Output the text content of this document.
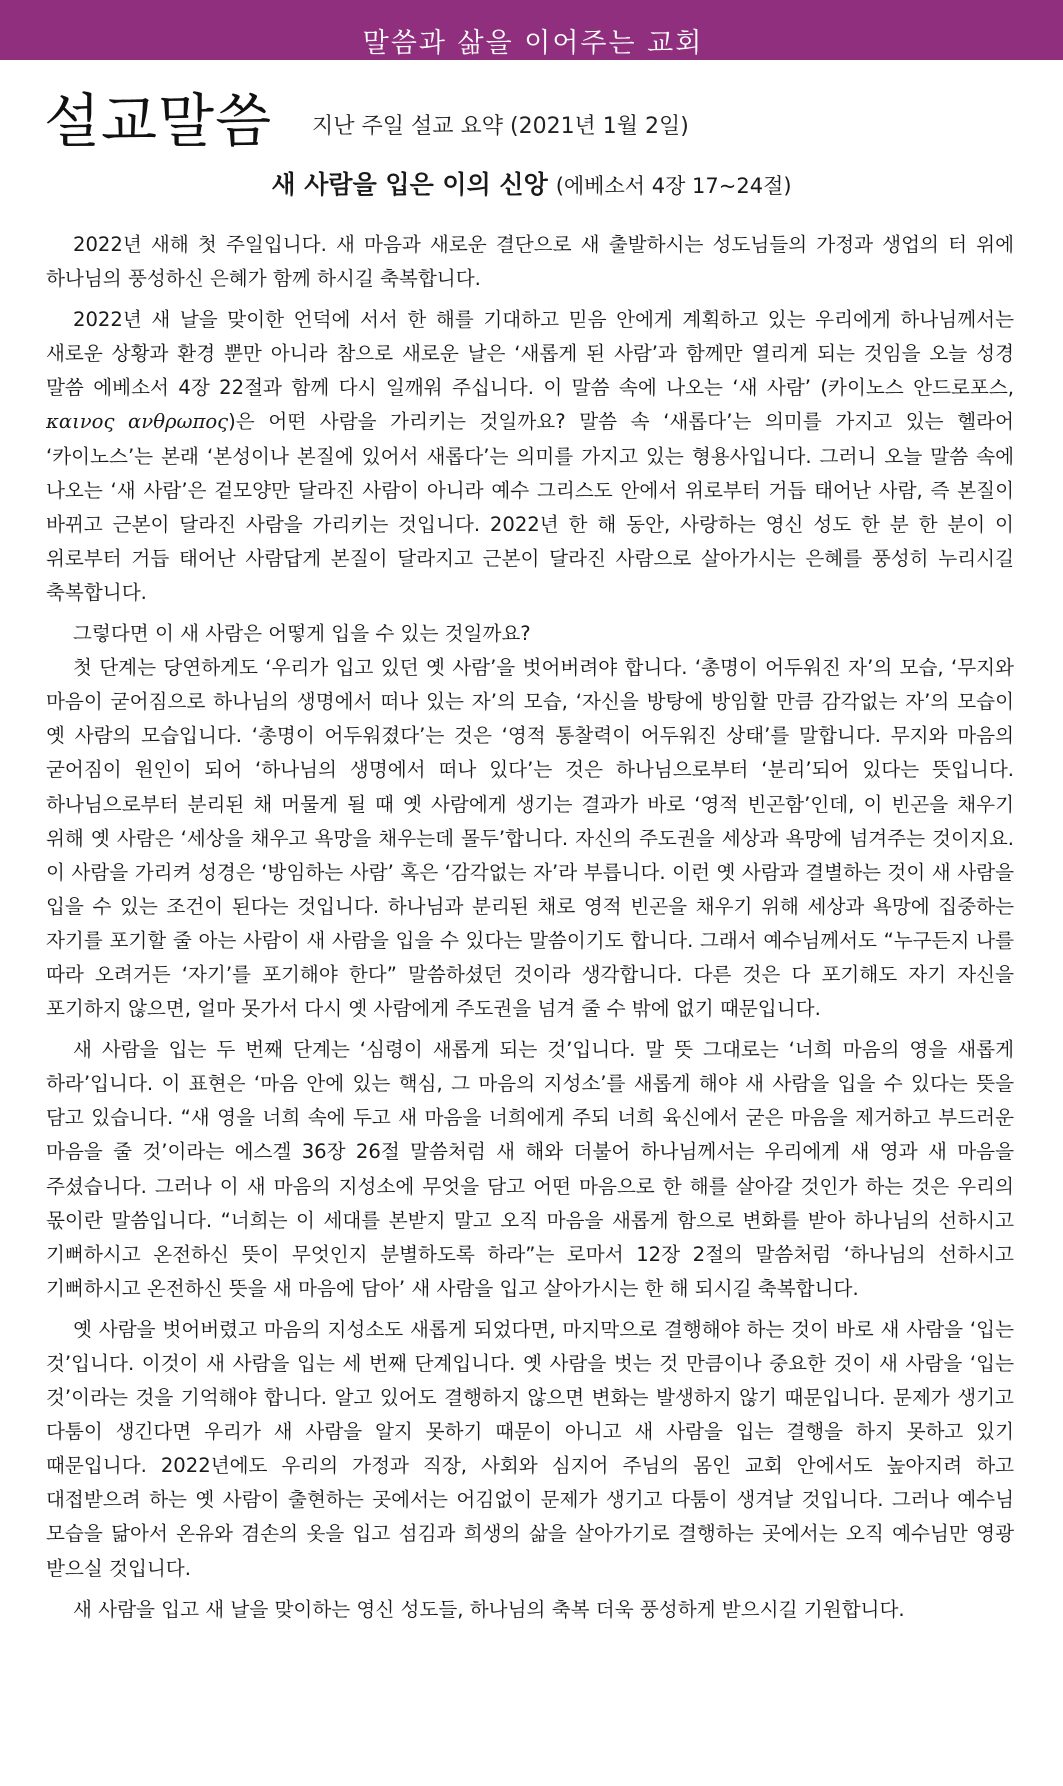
말씀과 삶을 이어주는 교회
설교말씀 지난 주일 설교 요약 (2021년 1월 2일)
새 사람을 입은 이의 신앙 (에베소서 4장 17~24절)

2022년 새해 첫 주일입니다. 새 마음과 새로운 결단으로 새 출발하시는 성도님들의 가정과 생업의 터 위에 하나님의 풍성하신 은혜가 함께 하시길 축복합니다.

2022년 새 날을 맞이한 언덕에 서서 한 해를 기대하고 믿음 안에게 계획하고 있는 우리에게 하나님께서는 새로운 상황과 환경 뿐만 아니라 참으로 새로운 날은 ‘새롭게 된 사람’과 함께만 열리게 되는 것임을 오늘 성경 말씀 에베소서 4장 22절과 함께 다시 일깨워 주십니다. 이 말씀 속에 나오는 ‘새 사람’ (카이노스 안드로포스, καινος ανθρωπος)은 어떤 사람을 가리키는 것일까요? 말씀 속 ‘새롭다’는 의미를 가지고 있는 헬라어 ‘카이노스’는 본래 ‘본성이나 본질에 있어서 새롭다’는 의미를 가지고 있는 형용사입니다. 그러니 오늘 말씀 속에 나오는 ‘새 사람’은 겉모양만 달라진 사람이 아니라 예수 그리스도 안에서 위로부터 거듭 태어난 사람, 즉 본질이 바뀌고 근본이 달라진 사람을 가리키는 것입니다. 2022년 한 해 동안, 사랑하는 영신 성도 한 분 한 분이 이 위로부터 거듭 태어난 사람답게 본질이 달라지고 근본이 달라진 사람으로 살아가시는 은혜를 풍성히 누리시길 축복합니다.

그렇다면 이 새 사람은 어떻게 입을 수 있는 것일까요?

첫 단계는 당연하게도 ‘우리가 입고 있던 옛 사람’을 벗어버려야 합니다. ‘총명이 어두워진 자’의 모습, ‘무지와 마음이 굳어짐으로 하나님의 생명에서 떠나 있는 자’의 모습, ‘자신을 방탕에 방임할 만큼 감각없는 자’의 모습이 옛 사람의 모습입니다. ‘총명이 어두워졌다’는 것은 ‘영적 통찰력이 어두워진 상태’를 말합니다. 무지와 마음의 굳어짐이 원인이 되어 ‘하나님의 생명에서 떠나 있다’는 것은 하나님으로부터 ‘분리’되어 있다는 뜻입니다. 하나님으로부터 분리된 채 머물게 될 때 옛 사람에게 생기는 결과가 바로 ‘영적 빈곤함’인데, 이 빈곤을 채우기 위해 옛 사람은 ‘세상을 채우고 욕망을 채우는데 몰두’합니다. 자신의 주도권을 세상과 욕망에 넘겨주는 것이지요. 이 사람을 가리켜 성경은 ‘방임하는 사람’ 혹은 ‘감각없는 자’라 부릅니다. 이런 옛 사람과 결별하는 것이 새 사람을 입을 수 있는 조건이 된다는 것입니다. 하나님과 분리된 채로 영적 빈곤을 채우기 위해 세상과 욕망에 집중하는 자기를 포기할 줄 아는 사람이 새 사람을 입을 수 있다는 말씀이기도 합니다. 그래서 예수님께서도 “누구든지 나를 따라 오려거든 ‘자기’를 포기해야 한다” 말씀하셨던 것이라 생각합니다. 다른 것은 다 포기해도 자기 자신을 포기하지 않으면, 얼마 못가서 다시 옛 사람에게 주도권을 넘겨 줄 수 밖에 없기 때문입니다.

새 사람을 입는 두 번째 단계는 ‘심령이 새롭게 되는 것’입니다. 말 뜻 그대로는 ‘너희 마음의 영을 새롭게 하라’입니다. 이 표현은 ‘마음 안에 있는 핵심, 그 마음의 지성소’를 새롭게 해야 새 사람을 입을 수 있다는 뜻을 담고 있습니다. “새 영을 너희 속에 두고 새 마음을 너희에게 주되 너희 육신에서 굳은 마음을 제거하고 부드러운 마음을 줄 것’이라는 에스겔 36장 26절 말씀처럼 새 해와 더불어 하나님께서는 우리에게 새 영과 새 마음을 주셨습니다. 그러나 이 새 마음의 지성소에 무엇을 담고 어떤 마음으로 한 해를 살아갈 것인가 하는 것은 우리의 몫이란 말씀입니다. “너희는 이 세대를 본받지 말고 오직 마음을 새롭게 함으로 변화를 받아 하나님의 선하시고 기뻐하시고 온전하신 뜻이 무엇인지 분별하도록 하라”는 로마서 12장 2절의 말씀처럼 ‘하나님의 선하시고 기뻐하시고 온전하신 뜻을 새 마음에 담아’ 새 사람을 입고 살아가시는 한 해 되시길 축복합니다.

옛 사람을 벗어버렸고 마음의 지성소도 새롭게 되었다면, 마지막으로 결행해야 하는 것이 바로 새 사람을 ‘입는 것’입니다. 이것이 새 사람을 입는 세 번째 단계입니다. 옛 사람을 벗는 것 만큼이나 중요한 것이 새 사람을 ‘입는 것’이라는 것을 기억해야 합니다. 알고 있어도 결행하지 않으면 변화는 발생하지 않기 때문입니다. 문제가 생기고 다툼이 생긴다면 우리가 새 사람을 알지 못하기 때문이 아니고 새 사람을 입는 결행을 하지 못하고 있기 때문입니다. 2022년에도 우리의 가정과 직장, 사회와 심지어 주님의 몸인 교회 안에서도 높아지려 하고 대접받으려 하는 옛 사람이 출현하는 곳에서는 어김없이 문제가 생기고 다툼이 생겨날 것입니다. 그러나 예수님 모습을 닮아서 온유와 겸손의 옷을 입고 섬김과 희생의 삶을 살아가기로 결행하는 곳에서는 오직 예수님만 영광 받으실 것입니다.

새 사람을 입고 새 날을 맞이하는 영신 성도들, 하나님의 축복 더욱 풍성하게 받으시길 기원합니다.
